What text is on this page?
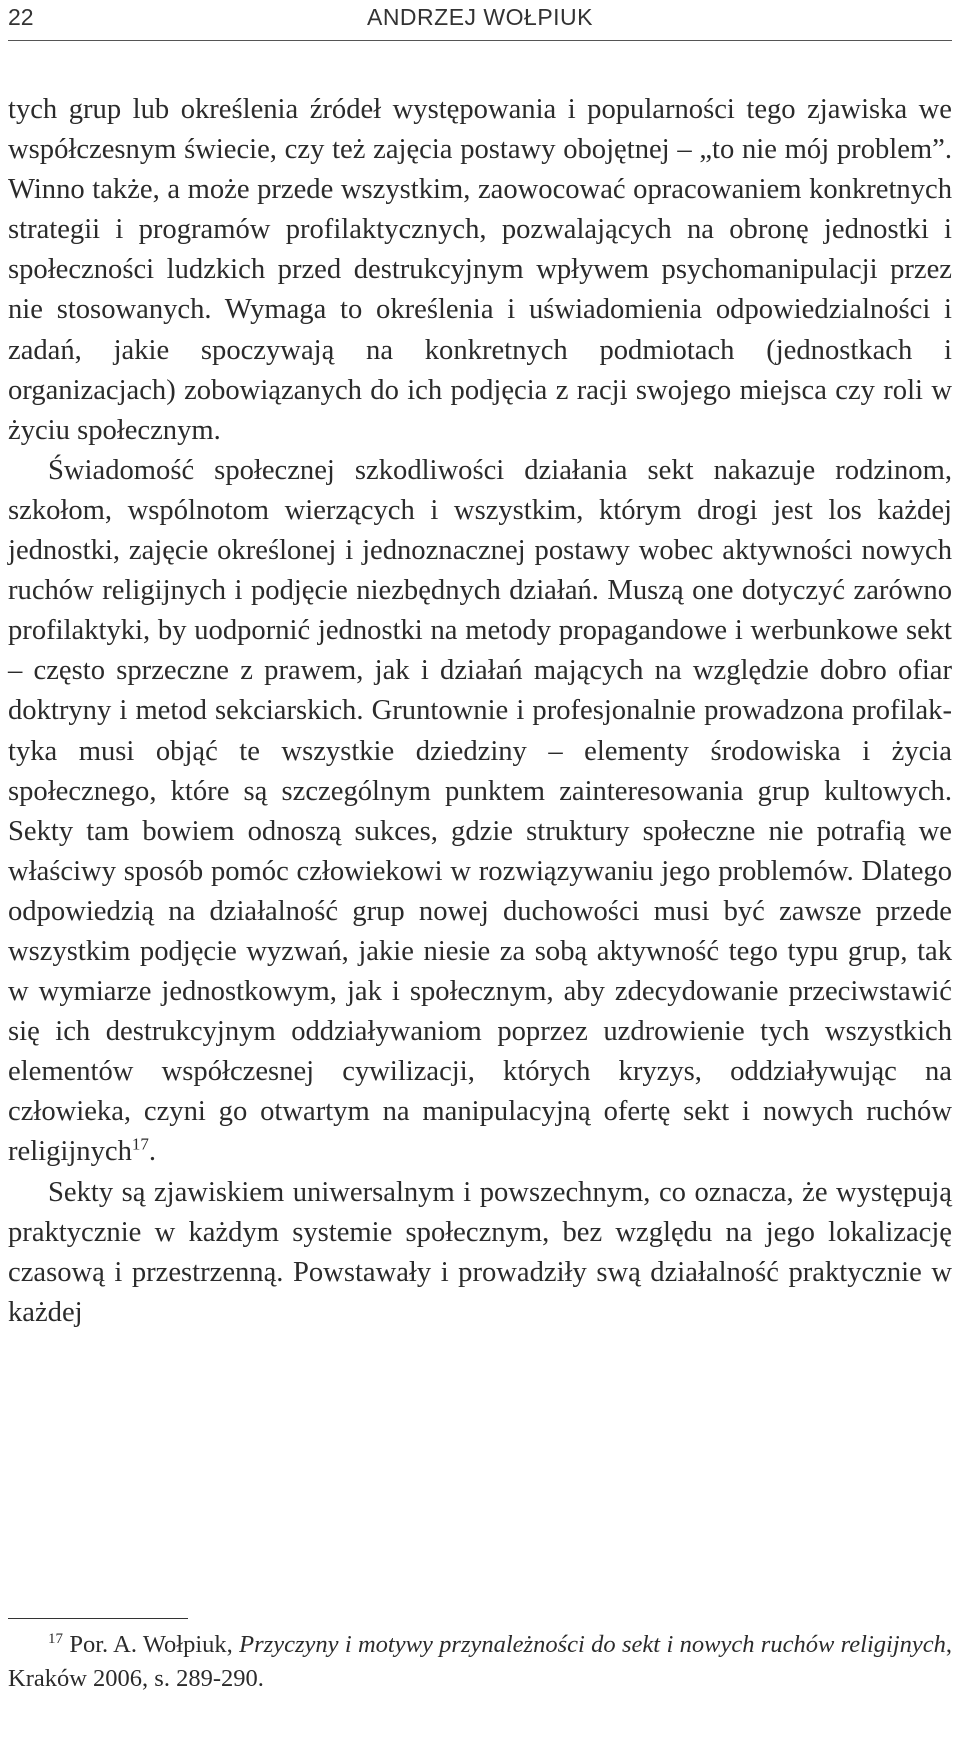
22	ANDRZEJ WOŁPIUK

tych grup lub określenia źródeł występowania i popularności tego zjawiska we współczesnym świecie, czy też zajęcia postawy obojętnej – „to nie mój problem”. Winno także, a może przede wszystkim, zaowocować opracowaniem konkretnych strategii i programów profilaktycznych, pozwalających na obronę jednostki i społeczności ludzkich przed destrukcyjnym wpływem psychomanipulacji przez nie stosowanych. Wymaga to określenia i uświadomienia odpowiedzialności i zadań, jakie spoczywają na konkretnych podmiotach (jednostkach i organizacjach) zobowiązanych do ich podjęcia z racji swojego miejsca czy roli w życiu społecznym.

Świadomość społecznej szkodliwości działania sekt nakazuje rodzinom, szkołom, wspólnotom wierzących i wszystkim, którym drogi jest los każdej jednostki, zajęcie określonej i jednoznacznej postawy wobec aktywności nowych ruchów religijnych i podjęcie niezbędnych działań. Muszą one dotyczyć zarówno profilaktyki, by uodpornić jednostki na metody propagandowe i werbunkowe sekt – często sprzeczne z prawem, jak i działań mających na względzie dobro ofiar doktryny i metod sekciarskich. Gruntownie i profesjonalnie prowadzona profilaktyka musi objąć te wszystkie dziedziny – elementy środowiska i życia społecznego, które są szczególnym punktem zainteresowania grup kultowych. Sekty tam bowiem odnoszą sukces, gdzie struktury społeczne nie potrafią we właściwy sposób pomóc człowiekowi w rozwiązywaniu jego problemów. Dlatego odpowiedzią na działalność grup nowej duchowości musi być zawsze przede wszystkim podjęcie wyzwań, jakie niesie za sobą aktywność tego typu grup, tak w wymiarze jednostkowym, jak i społecznym, aby zdecydowanie przeciwstawić się ich destrukcyjnym oddziaływaniom poprzez uzdrowienie tych wszystkich elementów współczesnej cywilizacji, których kryzys, oddziaływując na człowieka, czyni go otwartym na manipulacyjną ofertę sekt i nowych ruchów religijnych$^{17}$.

Sekty są zjawiskiem uniwersalnym i powszechnym, co oznacza, że występują praktycznie w każdym systemie społecznym, bez względu na jego lokalizację czasową i przestrzenną. Powstawały i prowadziły swą działalność praktycznie w każdej

$^{17}$ Por. A. Wołpiuk, Przyczyny i motywy przynależności do sekt i nowych ruchów religijnych, Kraków 2006, s. 289-290.
